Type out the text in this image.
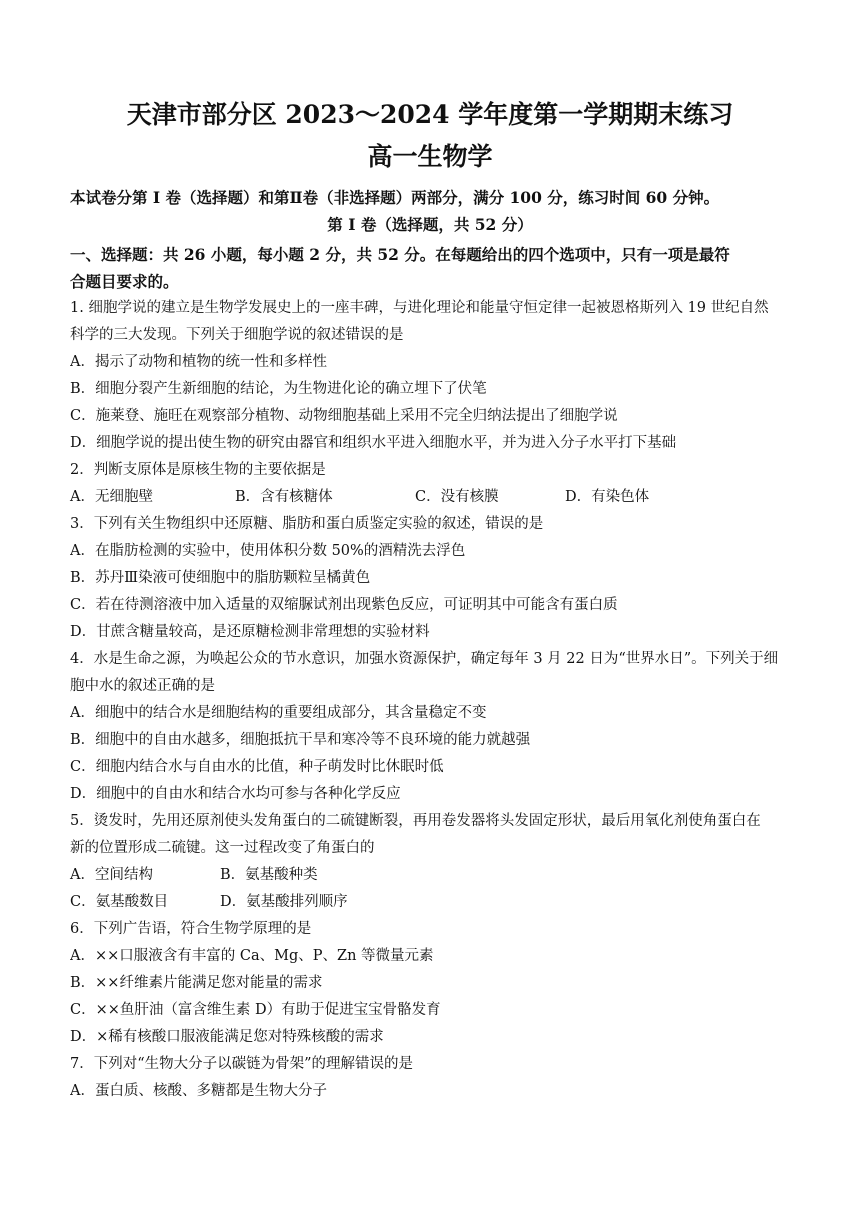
天津市部分区 2023～2024 学年度第一学期期末练习
高一生物学
本试卷分第 I 卷（选择题）和第Ⅱ卷（非选择题）两部分，满分 100 分，练习时间 60 分钟。
第 I 卷（选择题，共 52 分）
一、选择题：共 26 小题，每小题 2 分，共 52 分。在每题给出的四个选项中，只有一项是最符
合题目要求的。
1. 细胞学说的建立是生物学发展史上的一座丰碑，与进化理论和能量守恒定律一起被恩格斯列入 19 世纪自然
科学的三大发现。下列关于细胞学说的叙述错误的是
A．揭示了动物和植物的统一性和多样性
B．细胞分裂产生新细胞的结论，为生物进化论的确立埋下了伏笔
C．施莱登、施旺在观察部分植物、动物细胞基础上采用不完全归纳法提出了细胞学说
D．细胞学说的提出使生物的研究由器官和组织水平进入细胞水平，并为进入分子水平打下基础
2．判断支原体是原核生物的主要依据是
A．无细胞壁	B．含有核糖体	C．没有核膜	D．有染色体
3．下列有关生物组织中还原糖、脂肪和蛋白质鉴定实验的叙述，错误的是
A．在脂肪检测的实验中，使用体积分数 50%的酒精洗去浮色
B．苏丹Ⅲ染液可使细胞中的脂肪颗粒呈橘黄色
C．若在待测溶液中加入适量的双缩脲试剂出现紫色反应，可证明其中可能含有蛋白质
D．甘蔗含糖量较高，是还原糖检测非常理想的实验材料
4．水是生命之源，为唤起公众的节水意识，加强水资源保护，确定每年 3 月 22 日为“世界水日”。下列关于细
胞中水的叙述正确的是
A．细胞中的结合水是细胞结构的重要组成部分，其含量稳定不变
B．细胞中的自由水越多，细胞抵抗干旱和寒冷等不良环境的能力就越强
C．细胞内结合水与自由水的比值，种子萌发时比休眠时低
D．细胞中的自由水和结合水均可参与各种化学反应
5．烫发时，先用还原剂使头发角蛋白的二硫键断裂，再用卷发器将头发固定形状，最后用氧化剂使角蛋白在
新的位置形成二硫键。这一过程改变了角蛋白的
A．空间结构	B．氨基酸种类
C．氨基酸数目	D．氨基酸排列顺序
6．下列广告语，符合生物学原理的是
A．××口服液含有丰富的 Ca、Mg、P、Zn 等微量元素
B．××纤维素片能满足您对能量的需求
C．××鱼肝油（富含维生素 D）有助于促进宝宝骨骼发育
D．×稀有核酸口服液能满足您对特殊核酸的需求
7．下列对“生物大分子以碳链为骨架”的理解错误的是
A．蛋白质、核酸、多糖都是生物大分子
